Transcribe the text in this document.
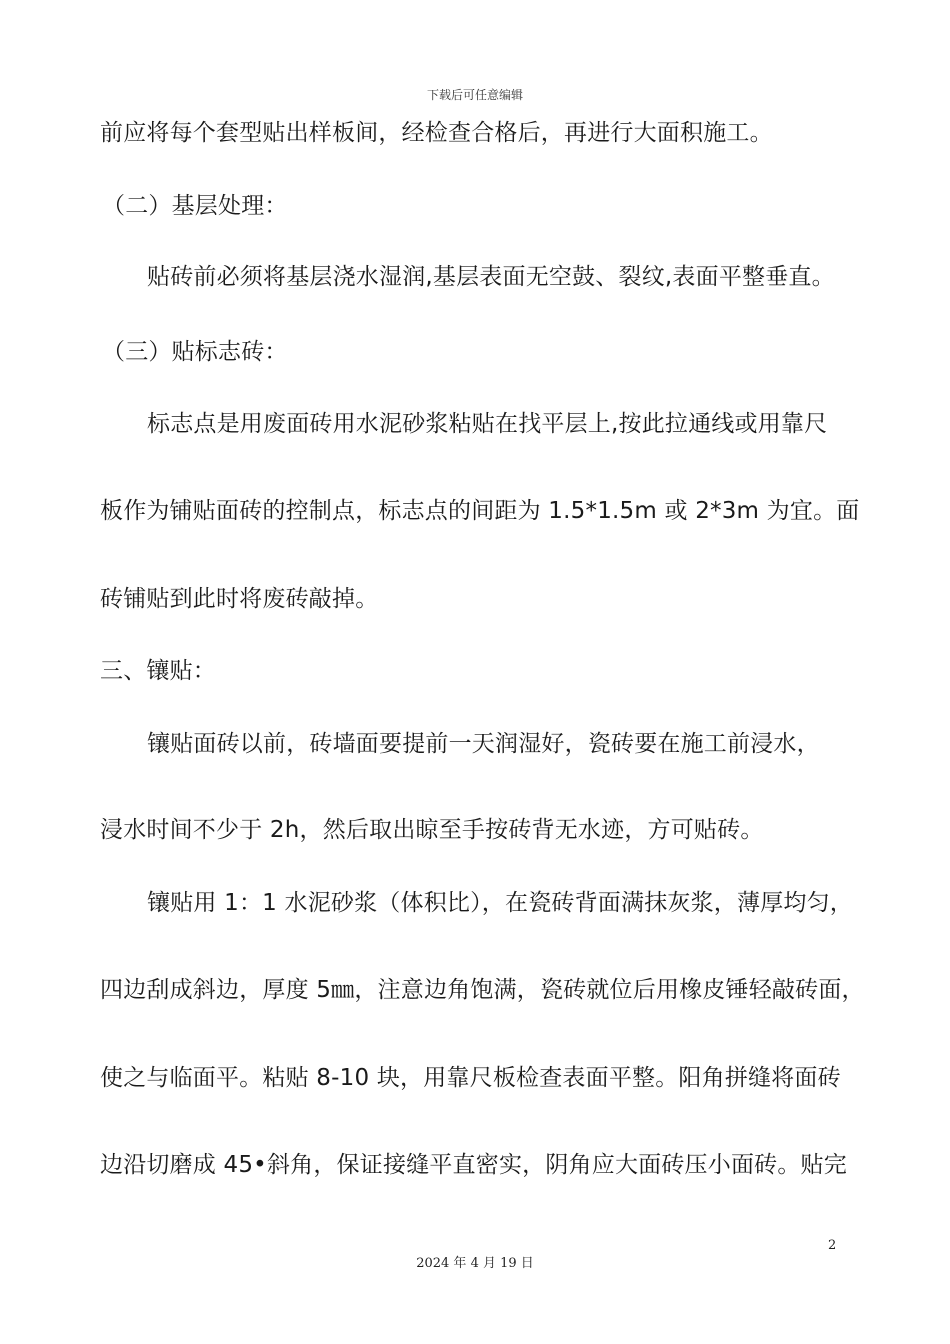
下载后可任意编辑
前应将每个套型贴出样板间，经检查合格后，再进行大面积施工。
（二）基层处理：
贴砖前必须将基层浇水湿润,基层表面无空鼓、裂纹,表面平整垂直。
（三）贴标志砖：
标志点是用废面砖用水泥砂浆粘贴在找平层上,按此拉通线或用靠尺
板作为铺贴面砖的控制点，标志点的间距为 1.5*1.5m 或 2*3m 为宜。面
砖铺贴到此时将废砖敲掉。
三、镶贴：
镶贴面砖以前，砖墙面要提前一天润湿好，瓷砖要在施工前浸水，
浸水时间不少于 2h，然后取出晾至手按砖背无水迹，方可贴砖。
镶贴用 1：1 水泥砂浆（体积比），在瓷砖背面满抹灰浆，薄厚均匀，
四边刮成斜边，厚度 5㎜，注意边角饱满，瓷砖就位后用橡皮锤轻敲砖面，
使之与临面平。粘贴 8-10 块，用靠尺板检查表面平整。阳角拼缝将面砖
边沿切磨成 45•斜角，保证接缝平直密实，阴角应大面砖压小面砖。贴完
2
2024 年 4 月 19 日
